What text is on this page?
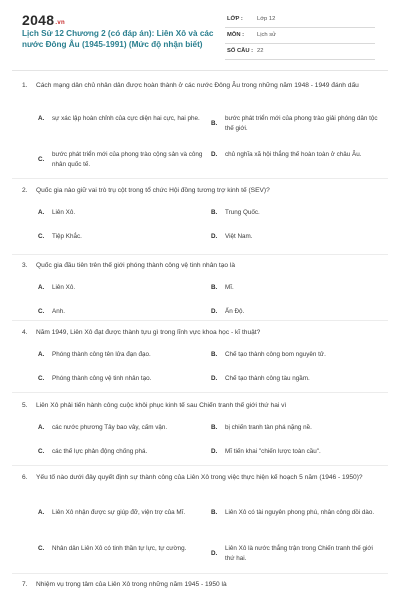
2048.vn
Lịch Sử 12 Chương 2 (có đáp án): Liên Xô và các nước Đông Âu (1945-1991) (Mức độ nhận biết)
LỚP : Lớp 12
MÔN : Lịch sử
SỐ CÂU : 22
1.	Cách mạng dân chủ nhân dân được hoàn thành ở các nước Đông Âu trong những năm 1948 - 1949 đánh dấu
A.	sự xác lập hoàn chỉnh của cực diện hai cực, hai phe.
B.
bước phát triển mới của phong trào giải phóng dân tộc thế giới.
C.
bước phát triển mới của phong trào cộng sản và công nhân quốc tế.
D.	chủ nghĩa xã hội thắng thế hoàn toàn ở châu Âu.
2.	Quốc gia nào giữ vai trò trụ cột trong tổ chức Hội đồng tương trợ kinh tế (SEV)?
A.	Liên Xô.	B.	Trung Quốc.
C.	Tiệp Khắc.	D.	Việt Nam.
3.	Quốc gia đầu tiên trên thế giới phóng thành công vệ tinh nhân tạo là
A.	Liên Xô.	B.	Mĩ.
C.	Anh.	D.	Ấn Độ.
4.	Năm 1949, Liên Xô đạt được thành tựu gì trong lĩnh vực khoa học - kĩ thuật?
A.	Phóng thành công tên lửa đạn đạo.	B.	Chế tạo thành công bom nguyên tử.
C.	Phóng thành công vệ tinh nhân tạo.	D.	Chế tạo thành công tàu ngầm.
5.	Liên Xô phải tiến hành công cuộc khôi phục kinh tế sau Chiến tranh thế giới thứ hai vì
A.	các nước phương Tây bao vây, cấm vận.	B.	bị chiến tranh tàn phá nặng nề.
C.	các thế lực phản động chống phá.	D.	Mĩ tiến khai "chiến lược toàn cầu".
6.	Yếu tố nào dưới đây quyết định sự thành công của Liên Xô trong việc thực hiện kế hoạch 5 năm (1946 - 1950)?
A.	Liên Xô nhận được sự giúp đỡ, viện trợ của Mĩ.	B.	Liên Xô có tài nguyên phong phú, nhân công dồi dào.
C.	Nhân dân Liên Xô có tinh thần tự lực, tự cường.
D.
Liên Xô là nước thắng trận trong Chiến tranh thế giới thứ hai.
7.	Nhiệm vụ trọng tâm của Liên Xô trong những năm 1945 - 1950 là
